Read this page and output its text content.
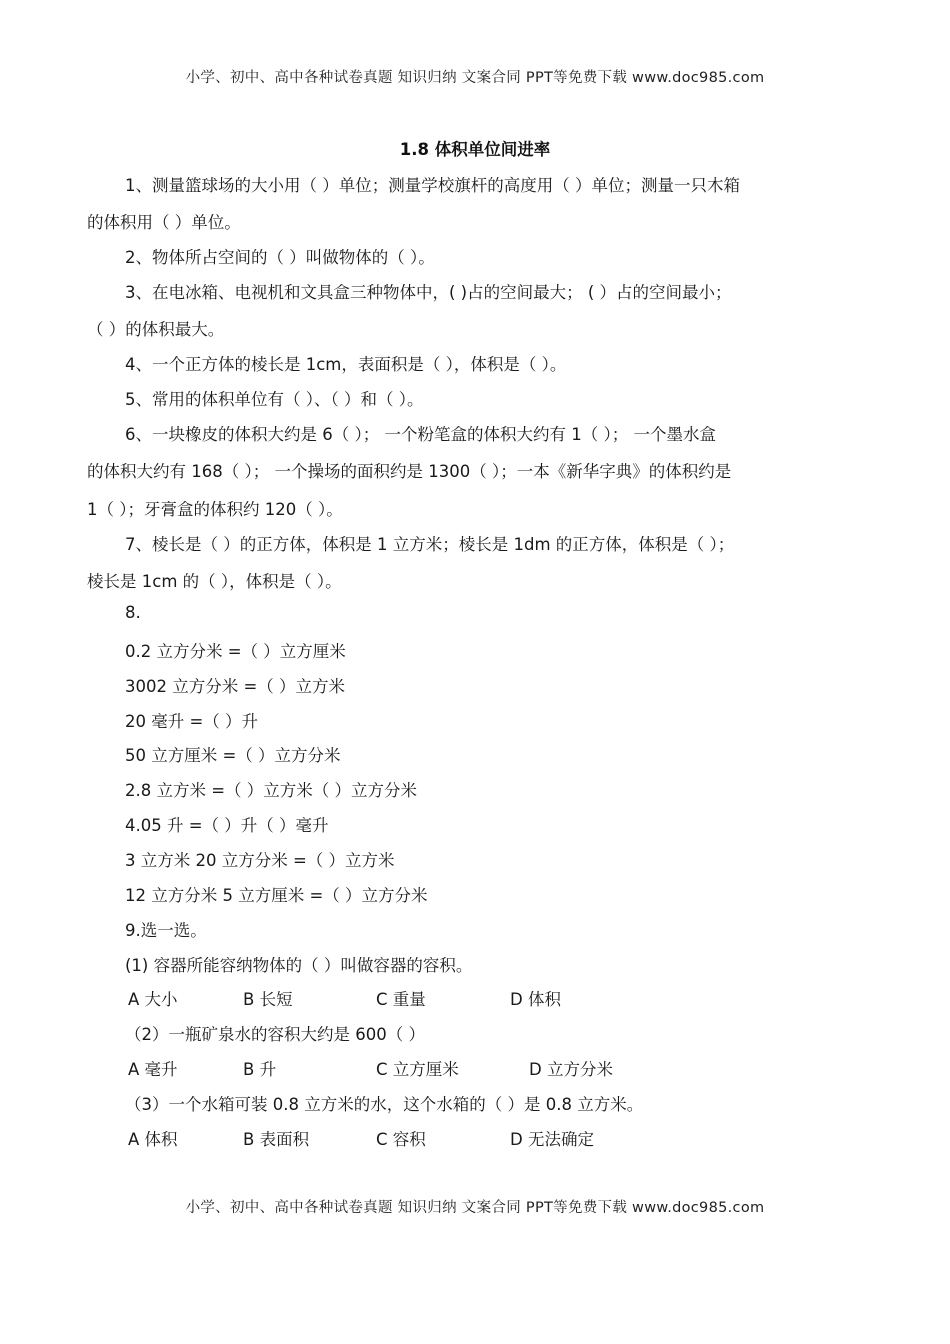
小学、初中、高中各种试卷真题 知识归纳 文案合同 PPT等免费下载 www.doc985.com
1.8 体积单位间进率
1、测量篮球场的大小用（ ）单位；测量学校旗杆的高度用（ ）单位；测量一只木箱
的体积用（ ）单位。
2、物体所占空间的（ ）叫做物体的（ ）。
3、在电冰箱、电视机和文具盒三种物体中，( )占的空间最大； ( ）占的空间最小；
（ ）的体积最大。
4、一个正方体的棱长是 1cm，表面积是（ ），体积是（ ）。
5、常用的体积单位有（ ）、（ ）和（ ）。
6、一块橡皮的体积大约是 6（ ）； 一个粉笔盒的体积大约有 1（ ）； 一个墨水盒
的体积大约有 168（ ）； 一个操场的面积约是 1300（ ）；一本《新华字典》的体积约是
1（ ）；牙膏盒的体积约 120（ ）。
7、棱长是（ ）的正方体，体积是 1 立方米；棱长是 1dm 的正方体，体积是（ ）；
棱长是 1cm 的（ ），体积是（ ）。
8.
0.2 立方分米 =（ ）立方厘米
3002 立方分米 =（ ）立方米
20 毫升 =（ ）升
50 立方厘米 =（ ）立方分米
2.8 立方米 =（ ）立方米（ ）立方分米
4.05 升 =（ ）升（ ）毫升
3 立方米 20 立方分米 =（ ）立方米
12 立方分米 5 立方厘米 =（ ）立方分米
9.选一选。
(1) 容器所能容纳物体的（ ）叫做容器的容积。
A 大小	B 长短	C 重量	D 体积
（2）一瓶矿泉水的容积大约是 600（ ）
A 毫升	B 升	C 立方厘米	D 立方分米
（3）一个水箱可装 0.8 立方米的水，这个水箱的（ ）是 0.8 立方米。
A 体积	B 表面积	C 容积	D 无法确定
小学、初中、高中各种试卷真题 知识归纳 文案合同 PPT等免费下载 www.doc985.com
